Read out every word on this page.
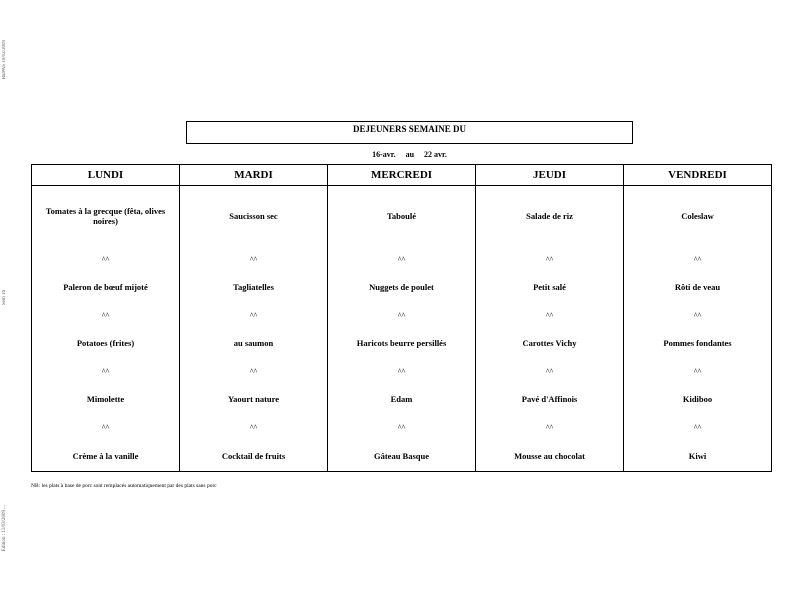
REPAS 10/02/2009
Sem 16
Édition : 11/03/2009 ...
DEJEUNERS SEMAINE DU
16-avr. au 22 avr.
LUNDI	MARDI	MERCREDI	JEUDI	VENDREDI
Tomates à la grecque (fêta, olives noires)	Saucisson sec	Taboulé	Salade de riz	Coleslaw
^^	^^	^^	^^	^^
Paleron de bœuf mijoté	Tagliatelles	Nuggets de poulet	Petit salé	Rôti de veau
^^	^^	^^	^^	^^
Potatoes (frites)	au saumon	Haricots beurre persillés	Carottes Vichy	Pommes fondantes
^^	^^	^^	^^	^^
Mimolette	Yaourt nature	Edam	Pavé d'Affinois	Kidiboo
^^	^^	^^	^^	^^
Crème à la vanille	Cocktail de fruits	Gâteau Basque	Mousse au chocolat	Kiwi
NB: les plats à base de porc sont remplacés automatiquement par des plats sans porc
